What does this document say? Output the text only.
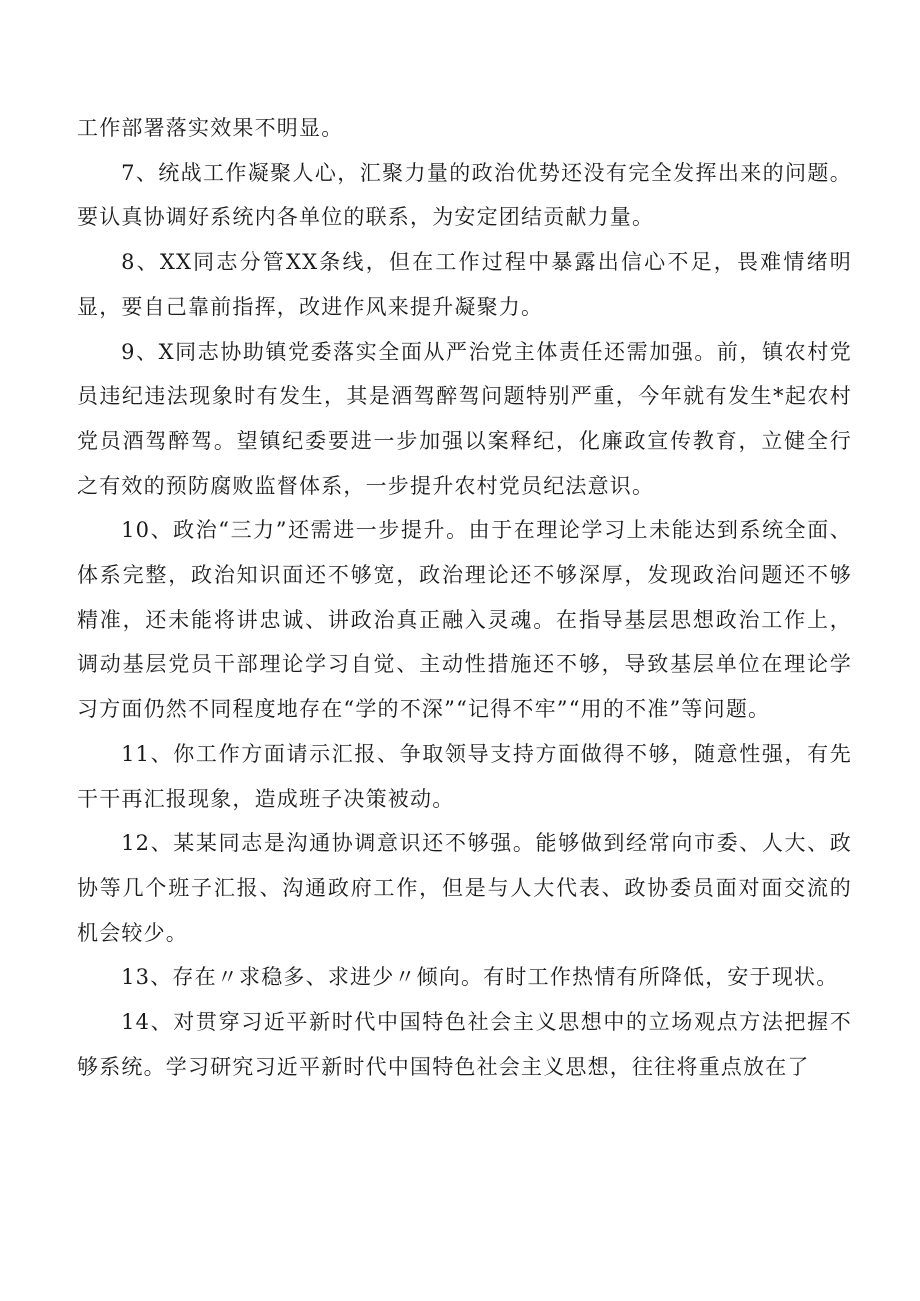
工作部署落实效果不明显。

7、统战工作凝聚人心，汇聚力量的政治优势还没有完全发挥出来的问题。要认真协调好系统内各单位的联系，为安定团结贡献力量。

8、XX同志分管XX条线，但在工作过程中暴露出信心不足，畏难情绪明显，要自己靠前指挥，改进作风来提升凝聚力。

9、X同志协助镇党委落实全面从严治党主体责任还需加强。前，镇农村党员违纪违法现象时有发生，其是酒驾醉驾问题特别严重，今年就有发生*起农村党员酒驾醉驾。望镇纪委要进一步加强以案释纪，化廉政宣传教育，立健全行之有效的预防腐败监督体系，一步提升农村党员纪法意识。

10、政治“三力”还需进一步提升。由于在理论学习上未能达到系统全面、体系完整，政治知识面还不够宽，政治理论还不够深厚，发现政治问题还不够精准，还未能将讲忠诚、讲政治真正融入灵魂。在指导基层思想政治工作上，调动基层党员干部理论学习自觉、主动性措施还不够，导致基层单位在理论学习方面仍然不同程度地存在“学的不深”“记得不牢”“用的不准”等问题。

11、你工作方面请示汇报、争取领导支持方面做得不够，随意性强，有先干干再汇报现象，造成班子决策被动。

12、某某同志是沟通协调意识还不够强。能够做到经常向市委、人大、政协等几个班子汇报、沟通政府工作，但是与人大代表、政协委员面对面交流的机会较少。

13、存在〃求稳多、求进少〃倾向。有时工作热情有所降低，安于现状。

14、对贯穿习近平新时代中国特色社会主义思想中的立场观点方法把握不够系统。学习研究习近平新时代中国特色社会主义思想，往往将重点放在了
